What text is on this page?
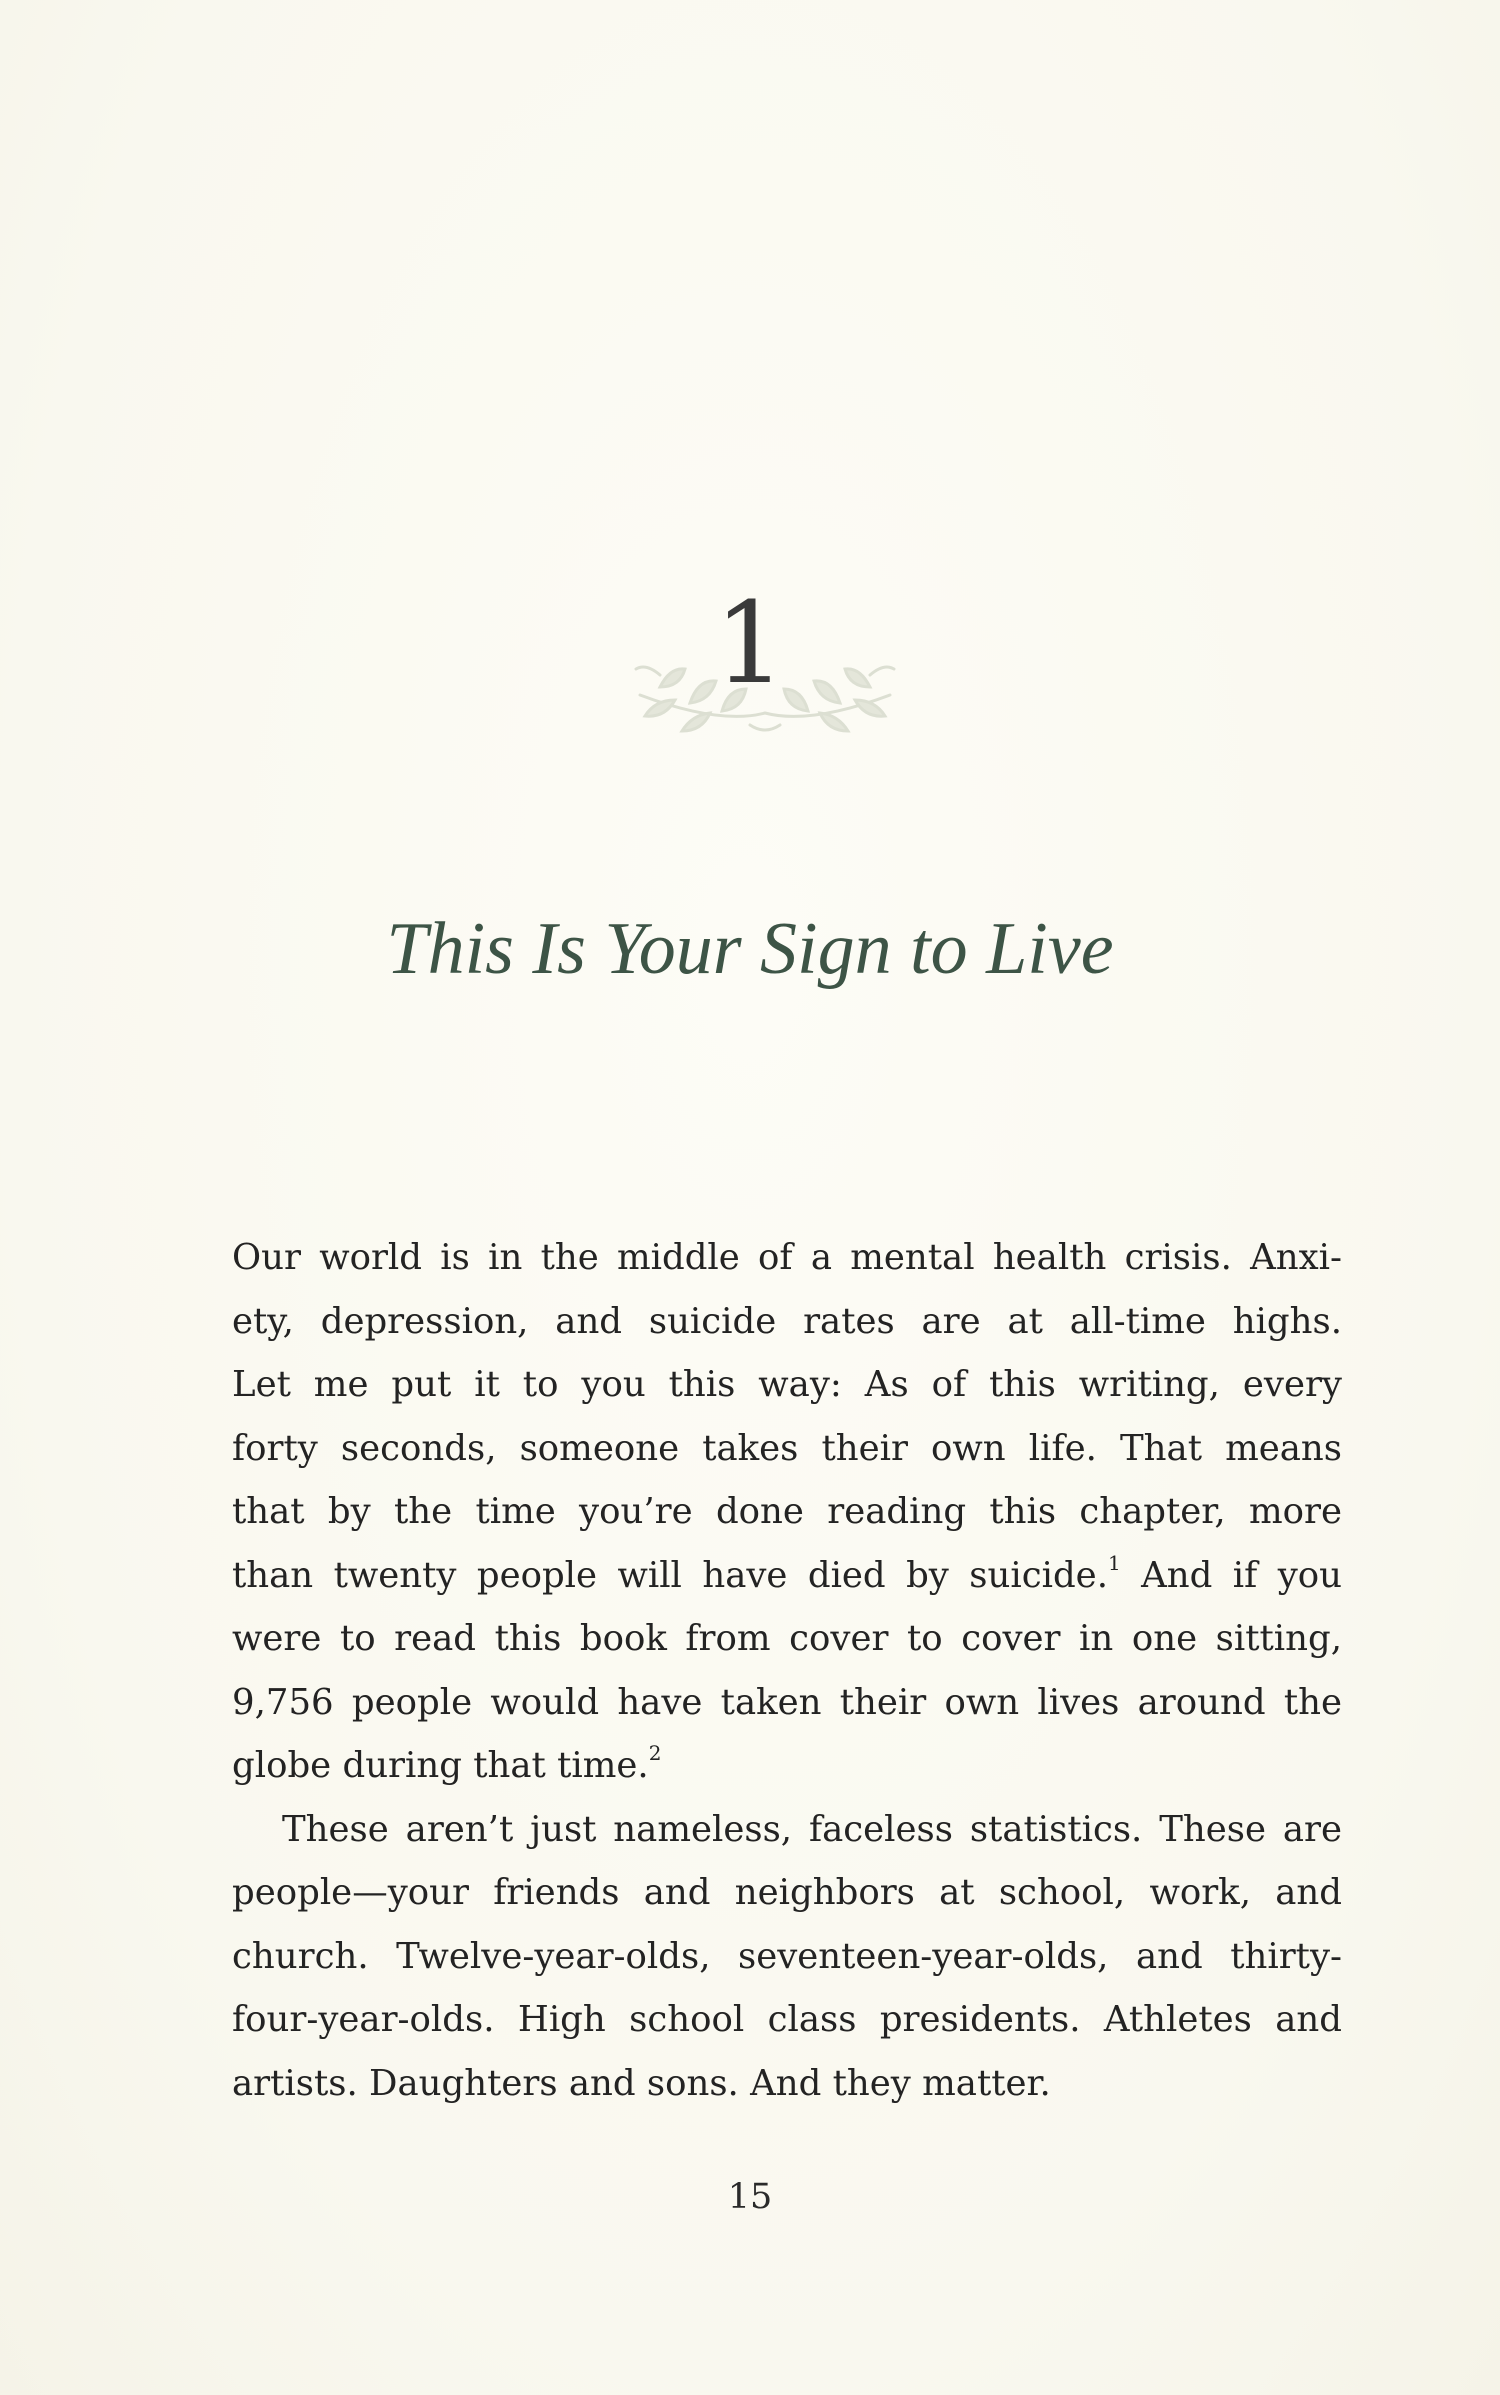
1
This Is Your Sign to Live
Our world is in the middle of a mental health crisis. Anxi-
ety, depression, and suicide rates are at all-time highs.
Let me put it to you this way: As of this writing, every
forty seconds, someone takes their own life. That means
that by the time you’re done reading this chapter, more
than twenty people will have died by suicide.$^1$ And if you
were to read this book from cover to cover in one sitting,
9,756 people would have taken their own lives around the
globe during that time.$^2$
These aren’t just nameless, faceless statistics. These are
people—your friends and neighbors at school, work, and
church. Twelve-year-olds, seventeen-year-olds, and thirty-
four-year-olds. High school class presidents. Athletes and
artists. Daughters and sons. And they matter.
15
